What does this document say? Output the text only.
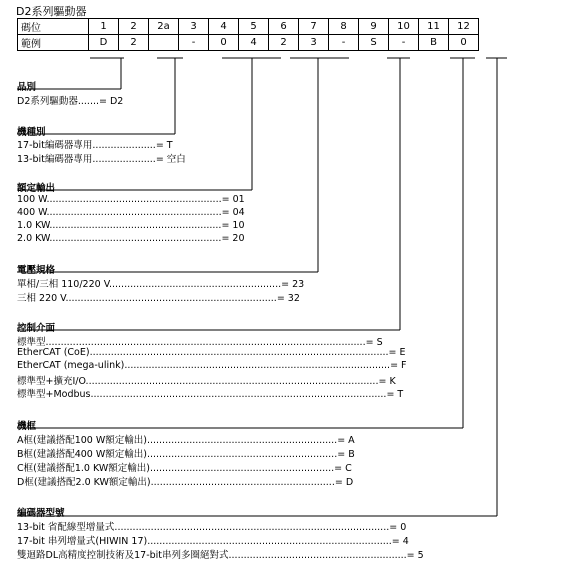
D2系列驅動器
碼位	1	2	2a	3	4	5	6	7	8	9	10	11	12
範例	D	2		-	0	4	2	3	-	S	-	B	0
品別
D2系列驅動器.......= D2
機種別
17-bit編碼器專用.....................= T
13-bit編碼器專用.....................= 空白
額定輸出
100 W..........................................................= 01
400 W..........................................................= 04
1.0 KW.........................................................= 10
2.0 KW.........................................................= 20
電壓規格
單相/三相 110/220 V.........................................................= 23
三相 220 V......................................................................= 32
控制介面
標準型..........................................................................................................= S
EtherCAT (CoE)...................................................................................................= E
EtherCAT (mega-ulink)........................................................................................= F
標準型+擴充I/O.................................................................................................= K
標準型+Modbus..................................................................................................= T
機框
A框(建議搭配100 W額定輸出)...............................................................= A
B框(建議搭配400 W額定輸出)...............................................................= B
C框(建議搭配1.0 KW額定輸出).............................................................= C
D框(建議搭配2.0 KW額定輸出).............................................................= D
編碼器型號
13-bit 省配線型增量式...........................................................................................= 0
17-bit 串列增量式(HIWIN 17).................................................................................= 4
雙迴路DL高精度控制技術及17-bit串列多圈絕對式...........................................................= 5
